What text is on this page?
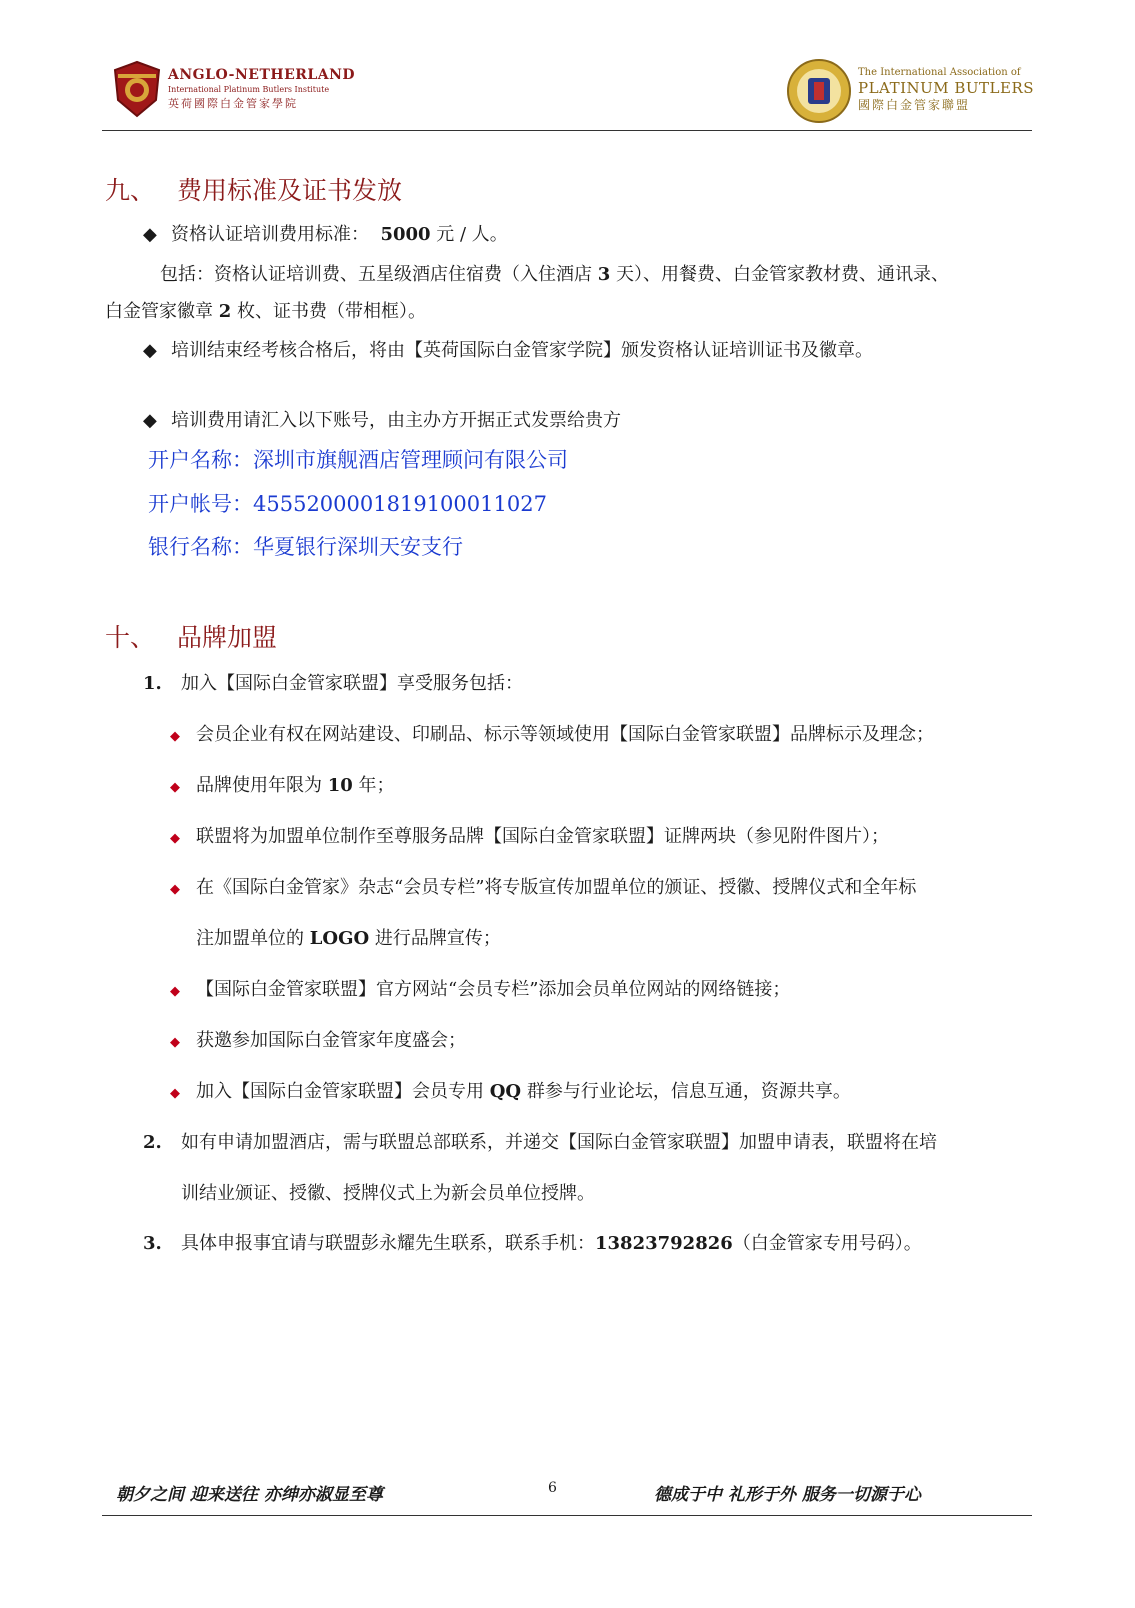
ANGLO-NETHERLAND
International Platinum Butlers Institute
英荷國際白金管家學院
The International Association of
PLATINUM BUTLERS
國際白金管家聯盟
九、 费用标准及证书发放
◆ 资格认证培训费用标准： 5000 元 / 人。
包括：资格认证培训费、五星级酒店住宿费（入住酒店 3 天）、用餐费、白金管家教材费、通讯录、
白金管家徽章 2 枚、证书费（带相框）。
◆ 培训结束经考核合格后，将由【英荷国际白金管家学院】颁发资格认证培训证书及徽章。
◆ 培训费用请汇入以下账号，由主办方开据正式发票给贵方
开户名称：深圳市旗舰酒店管理顾问有限公司
开户帐号：4555200001819100011027
银行名称：华夏银行深圳天安支行
十、 品牌加盟
1. 加入【国际白金管家联盟】享受服务包括：
◆ 会员企业有权在网站建设、印刷品、标示等领域使用【国际白金管家联盟】品牌标示及理念；
◆ 品牌使用年限为 10 年；
◆ 联盟将为加盟单位制作至尊服务品牌【国际白金管家联盟】证牌两块（参见附件图片）；
◆ 在《国际白金管家》杂志“会员专栏”将专版宣传加盟单位的颁证、授徽、授牌仪式和全年标
注加盟单位的 LOGO 进行品牌宣传；
◆ 【国际白金管家联盟】官方网站“会员专栏”添加会员单位网站的网络链接；
◆ 获邀参加国际白金管家年度盛会；
◆ 加入【国际白金管家联盟】会员专用 QQ 群参与行业论坛，信息互通，资源共享。
2. 如有申请加盟酒店，需与联盟总部联系，并递交【国际白金管家联盟】加盟申请表，联盟将在培
训结业颁证、授徽、授牌仪式上为新会员单位授牌。
3. 具体申报事宜请与联盟彭永耀先生联系，联系手机：13823792826（白金管家专用号码）。
朝夕之间 迎来送往 亦绅亦淑显至尊	6	德成于中 礼形于外 服务一切源于心
